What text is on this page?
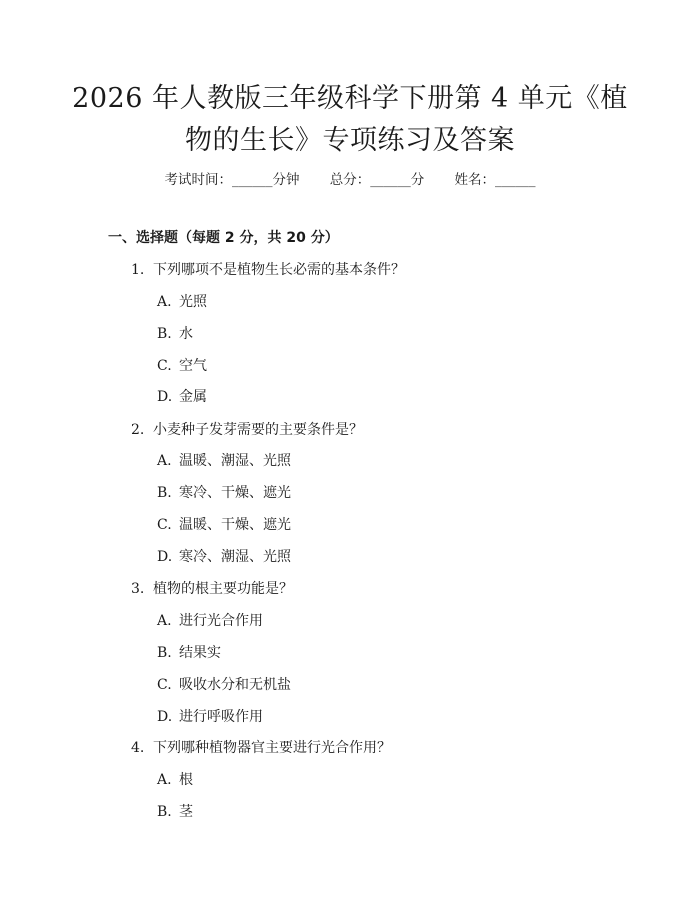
2026 年人教版三年级科学下册第 4 单元《植
物的生长》专项练习及答案
考试时间：______分钟 总分：______分 姓名：______
一、选择题（每题 2 分，共 20 分）
1. 下列哪项不是植物生长必需的基本条件？
A. 光照
B. 水
C. 空气
D. 金属
2. 小麦种子发芽需要的主要条件是？
A. 温暖、潮湿、光照
B. 寒冷、干燥、遮光
C. 温暖、干燥、遮光
D. 寒冷、潮湿、光照
3. 植物的根主要功能是？
A. 进行光合作用
B. 结果实
C. 吸收水分和无机盐
D. 进行呼吸作用
4. 下列哪种植物器官主要进行光合作用？
A. 根
B. 茎
